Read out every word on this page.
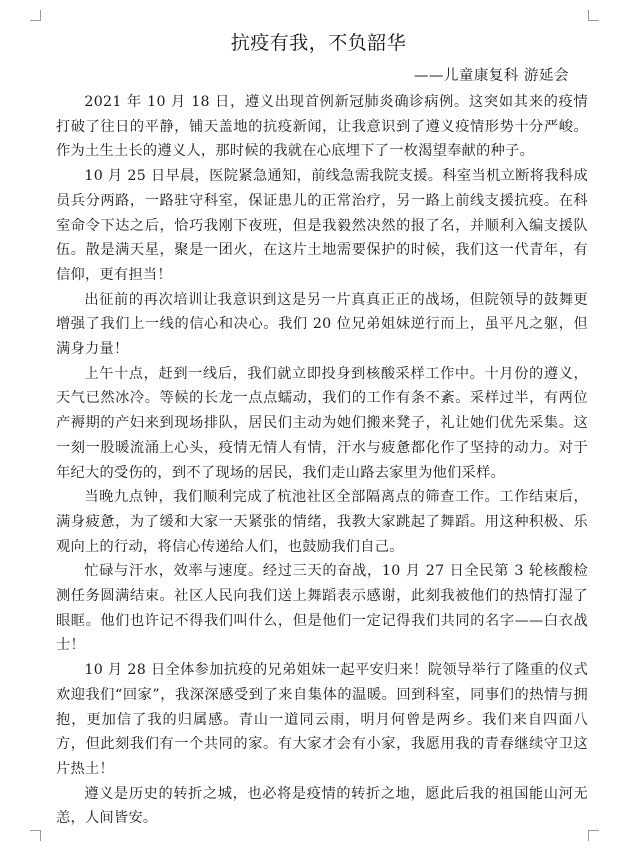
抗疫有我，不负韶华
——儿童康复科 游延会

2021 年 10 月 18 日，遵义出现首例新冠肺炎确诊病例。这突如其来的疫情打破了往日的平静，铺天盖地的抗疫新闻，让我意识到了遵义疫情形势十分严峻。作为土生土长的遵义人，那时候的我就在心底埋下了一枚渴望奉献的种子。

10 月 25 日早晨，医院紧急通知，前线急需我院支援。科室当机立断将我科成员兵分两路，一路驻守科室，保证患儿的正常治疗，另一路上前线支援抗疫。在科室命令下达之后，恰巧我刚下夜班，但是我毅然决然的报了名，并顺利入编支援队伍。散是满天星，聚是一团火，在这片土地需要保护的时候，我们这一代青年，有信仰，更有担当！

出征前的再次培训让我意识到这是另一片真真正正的战场，但院领导的鼓舞更增强了我们上一线的信心和决心。我们 20 位兄弟姐妹逆行而上，虽平凡之躯，但满身力量！

上午十点，赶到一线后，我们就立即投身到核酸采样工作中。十月份的遵义，天气已然冰冷。等候的长龙一点点蠕动，我们的工作有条不紊。采样过半，有两位产褥期的产妇来到现场排队，居民们主动为她们搬来凳子，礼让她们优先采集。这一刻一股暖流涌上心头，疫情无情人有情，汗水与疲惫都化作了坚持的动力。对于年纪大的受伤的，到不了现场的居民，我们走山路去家里为他们采样。

当晚九点钟，我们顺利完成了杭池社区全部隔离点的筛查工作。工作结束后，满身疲惫，为了缓和大家一天紧张的情绪，我教大家跳起了舞蹈。用这种积极、乐观向上的行动，将信心传递给人们，也鼓励我们自己。

忙碌与汗水，效率与速度。经过三天的奋战，10 月 27 日全民第 3 轮核酸检测任务圆满结束。社区人民向我们送上舞蹈表示感谢，此刻我被他们的热情打湿了眼眶。他们也许记不得我们叫什么，但是他们一定记得我们共同的名字——白衣战士！

10 月 28 日全体参加抗疫的兄弟姐妹一起平安归来！院领导举行了隆重的仪式欢迎我们“回家”，我深深感受到了来自集体的温暖。回到科室，同事们的热情与拥抱，更加信了我的归属感。青山一道同云雨，明月何曾是两乡。我们来自四面八方，但此刻我们有一个共同的家。有大家才会有小家，我愿用我的青春继续守卫这片热土！

遵义是历史的转折之城，也必将是疫情的转折之地，愿此后我的祖国能山河无恙，人间皆安。
